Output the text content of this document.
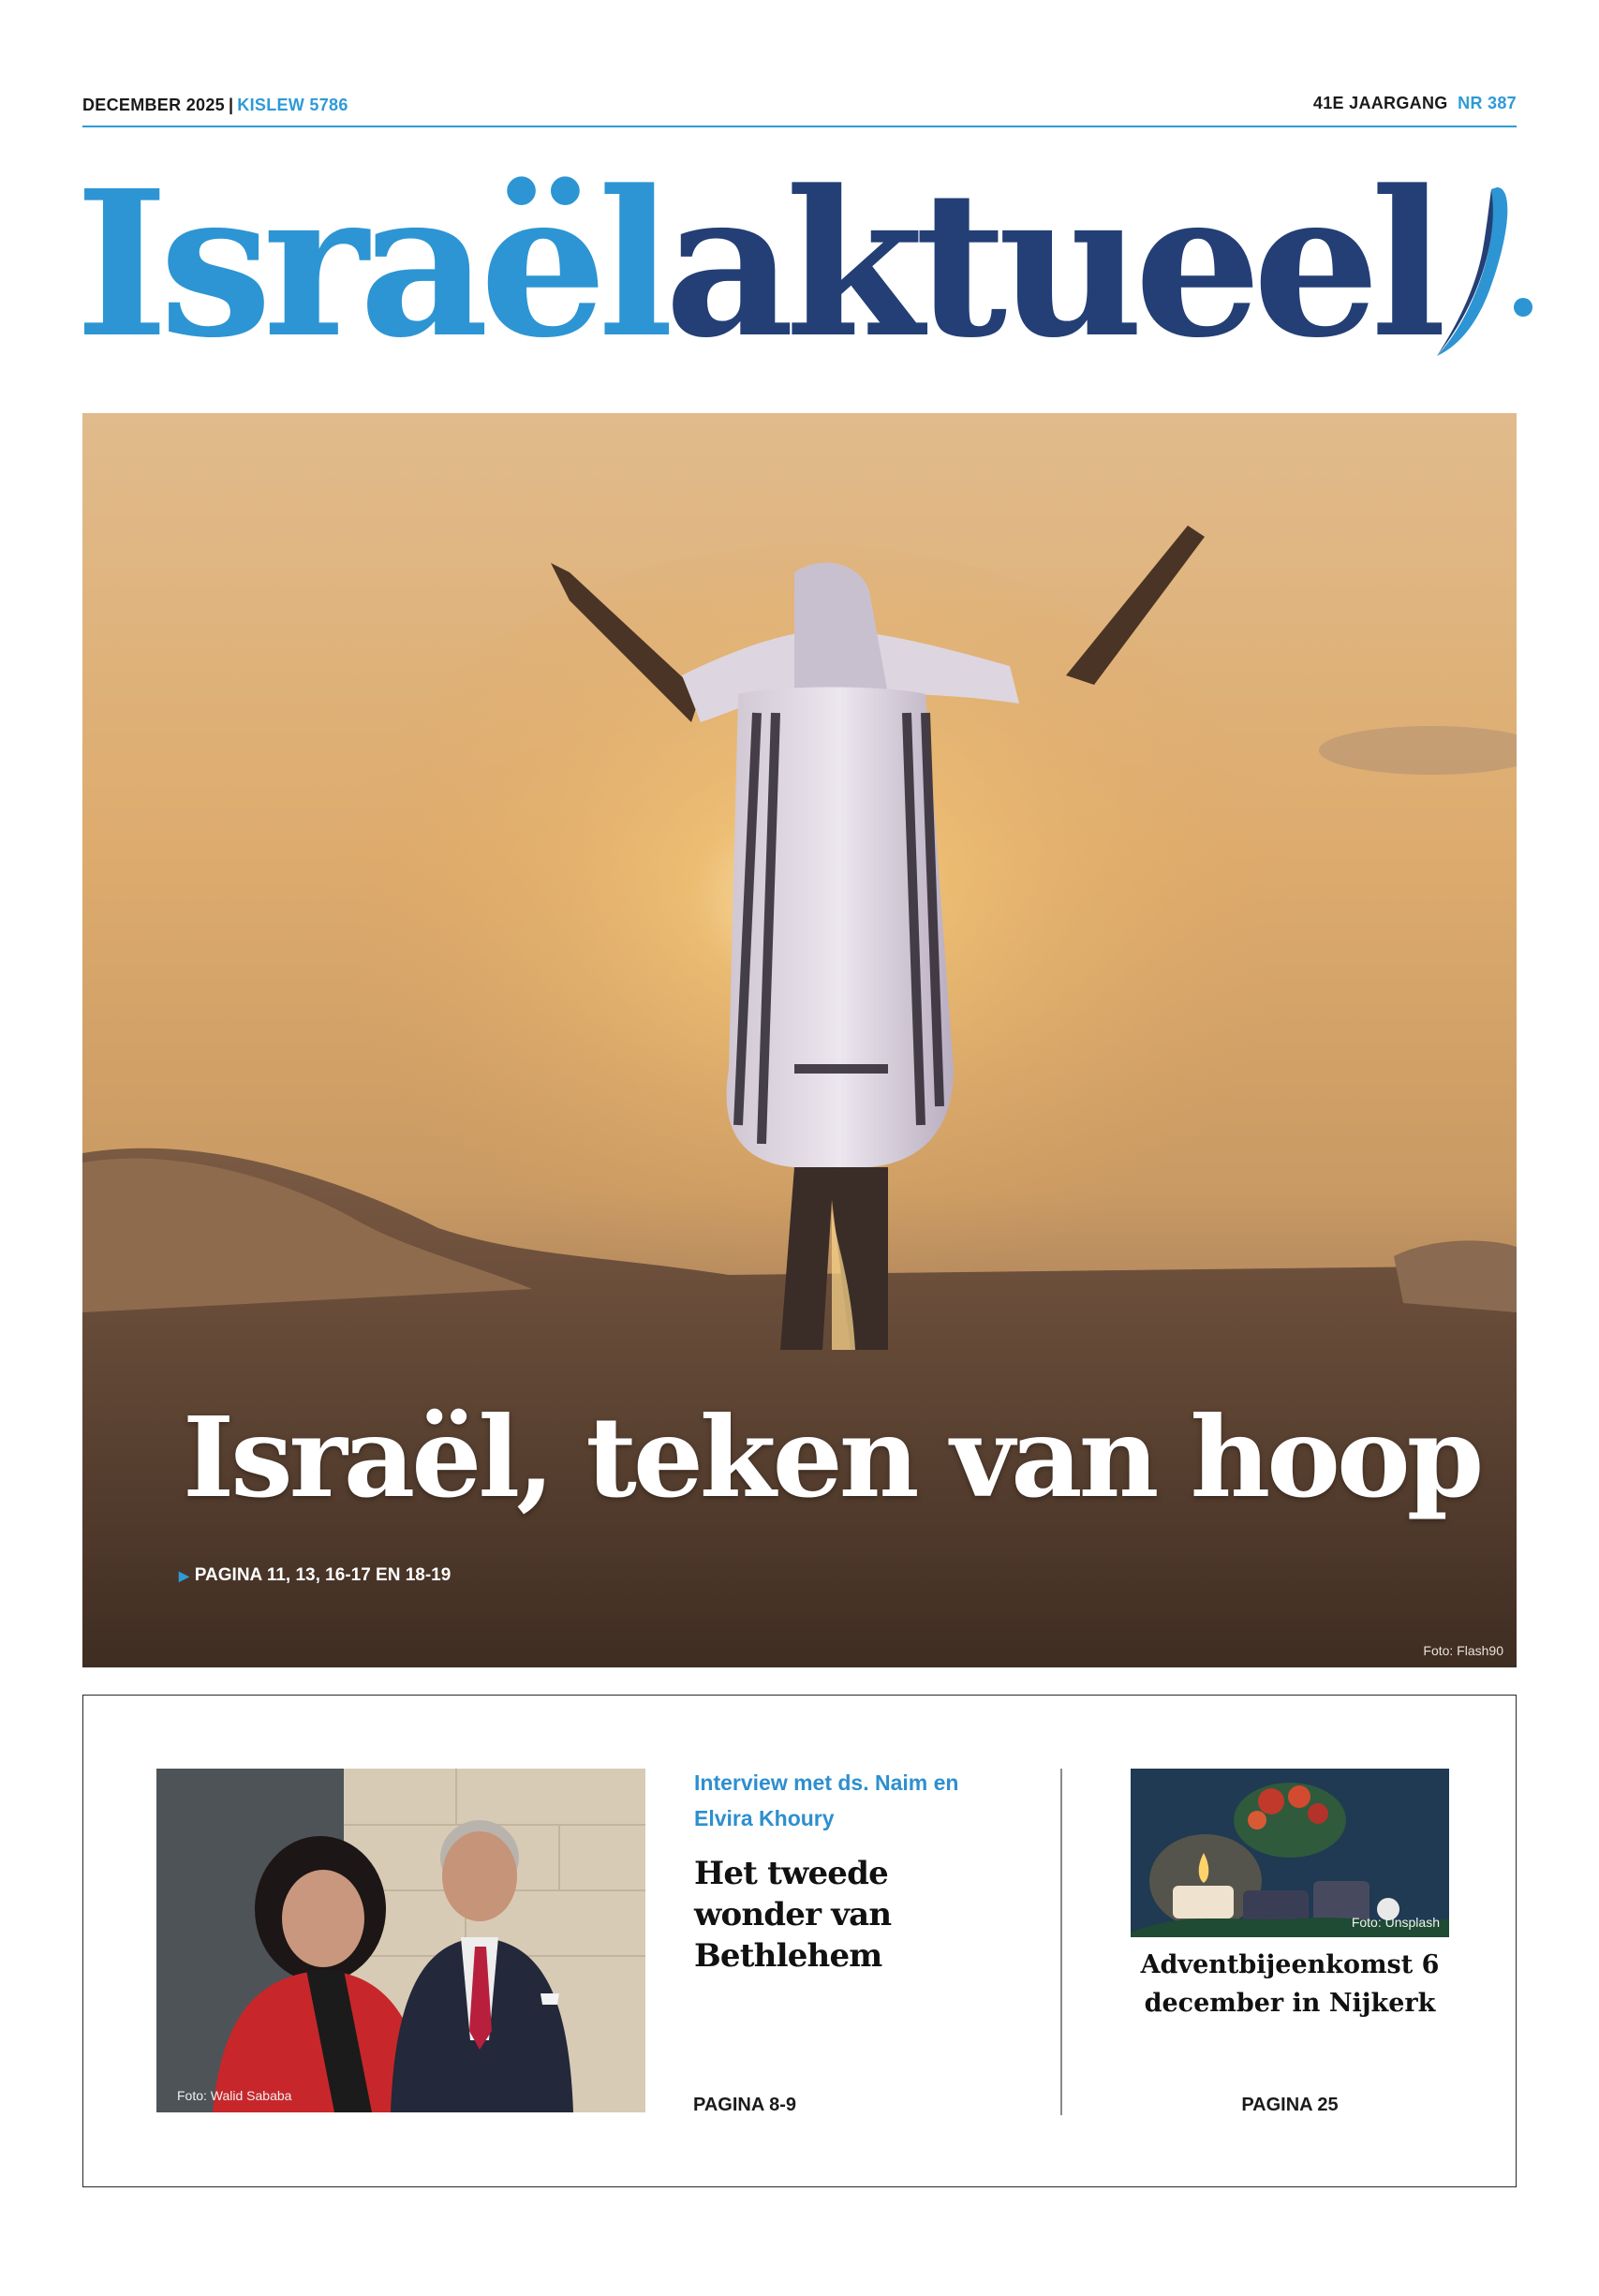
DECEMBER 2025 | KISLEW 5786	41E JAARGANG NR 387
Israëlaktueel
Israël, teken van hoop
▶ PAGINA 11, 13, 16-17 EN 18-19
Foto: Flash90
Foto: Walid Sababa
Interview met ds. Naim en Elvira Khoury
Het tweede wonder van Bethlehem
PAGINA 8-9
Foto: Unsplash
Adventbijeenkomst 6 december in Nijkerk
PAGINA 25
